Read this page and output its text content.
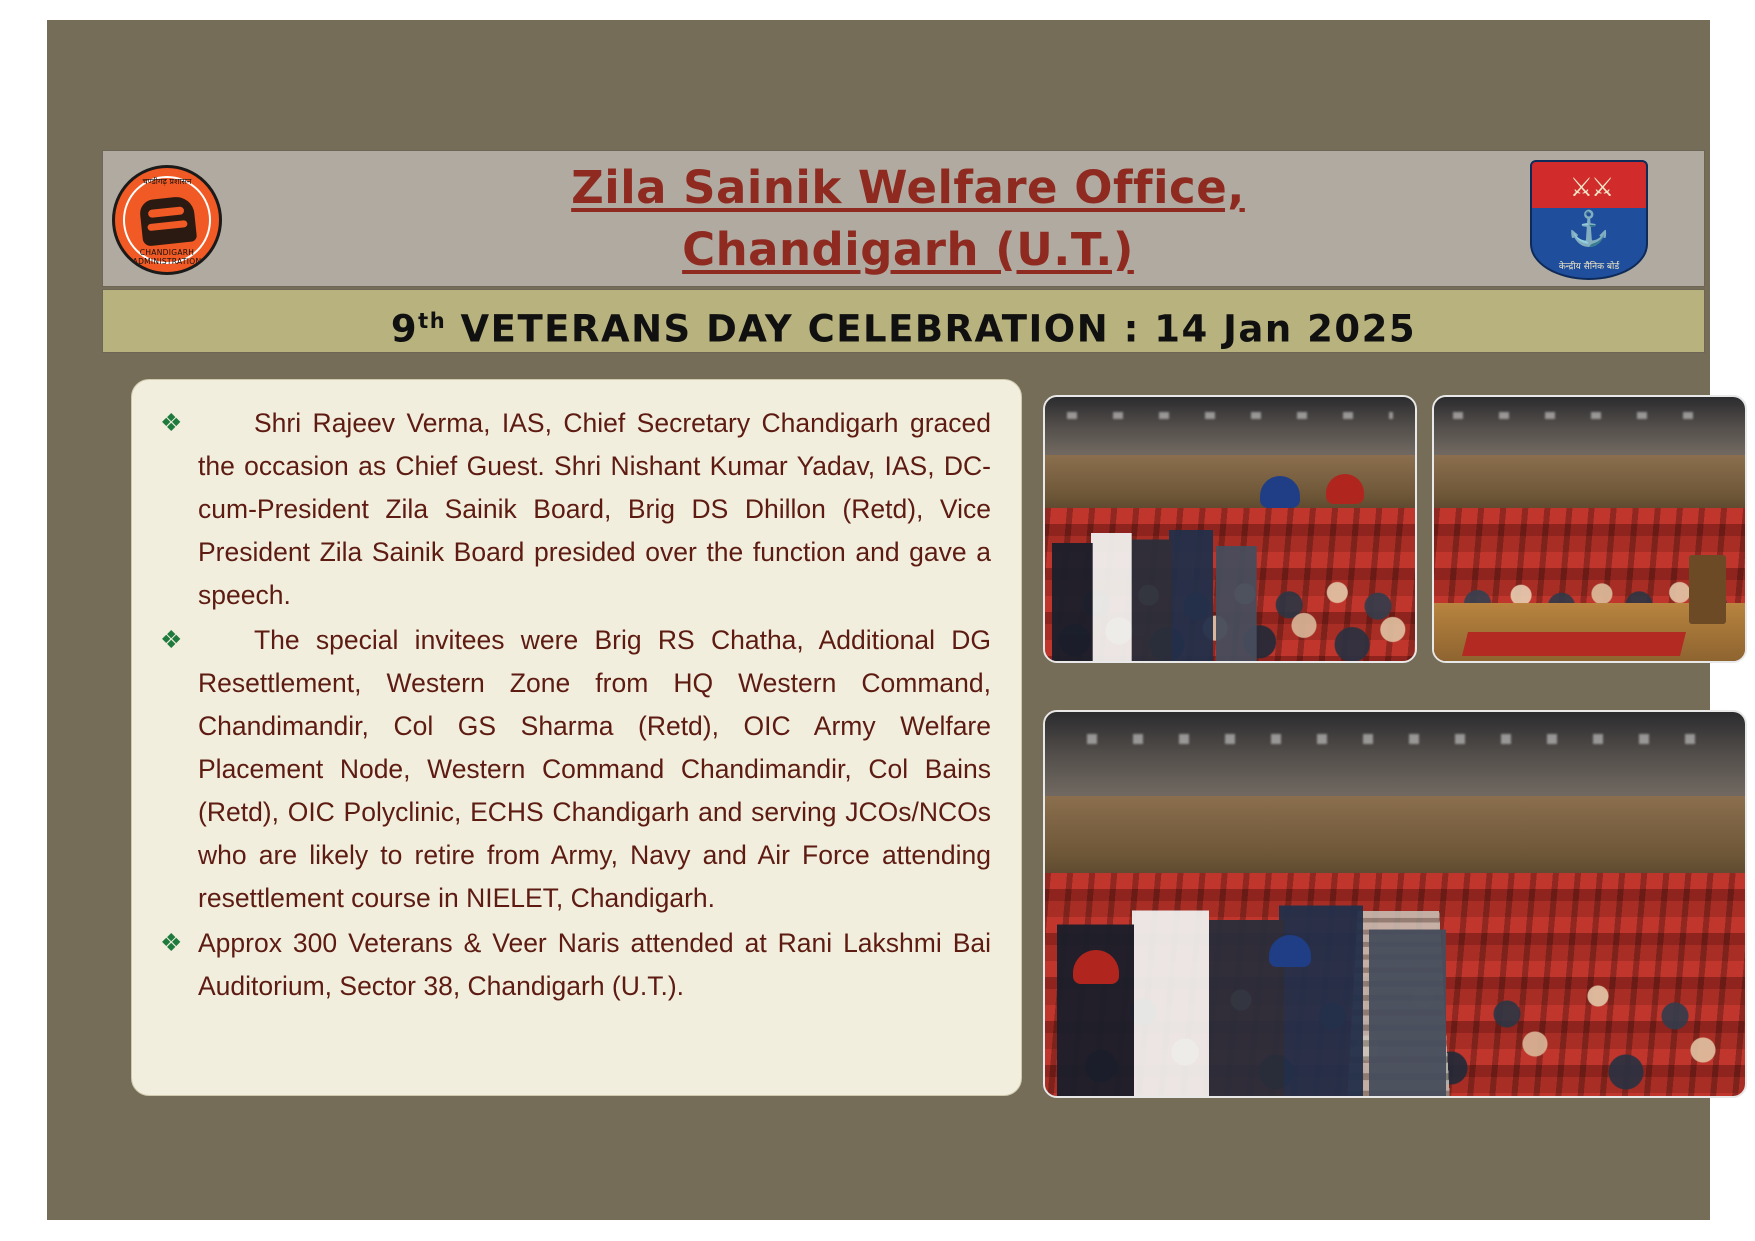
Zila Sainik Welfare Office,
Chandigarh (U.T.)
चण्डीगढ़ प्रशासन
CHANDIGARH ADMINISTRATION
⚔⚔
⚓
केन्द्रीय सैनिक बोर्ड
9th VETERANS DAY CELEBRATION : 14 Jan 2025
❖	Shri Rajeev Verma, IAS, Chief Secretary Chandigarh graced the occasion as Chief Guest. Shri Nishant Kumar Yadav, IAS, DC-cum-President Zila Sainik Board, Brig DS Dhillon (Retd), Vice President Zila Sainik Board presided over the function and gave a speech.
❖	The special invitees were Brig RS Chatha, Additional DG Resettlement, Western Zone from HQ Western Command, Chandimandir, Col GS Sharma (Retd), OIC Army Welfare Placement Node, Western Command Chandimandir, Col Bains (Retd), OIC Polyclinic, ECHS Chandigarh and serving JCOs/NCOs who are likely to retire from Army, Navy and Air Force attending resettlement course in NIELET, Chandigarh.
❖ Approx 300 Veterans & Veer Naris attended at Rani Lakshmi Bai Auditorium, Sector 38, Chandigarh (U.T.).
